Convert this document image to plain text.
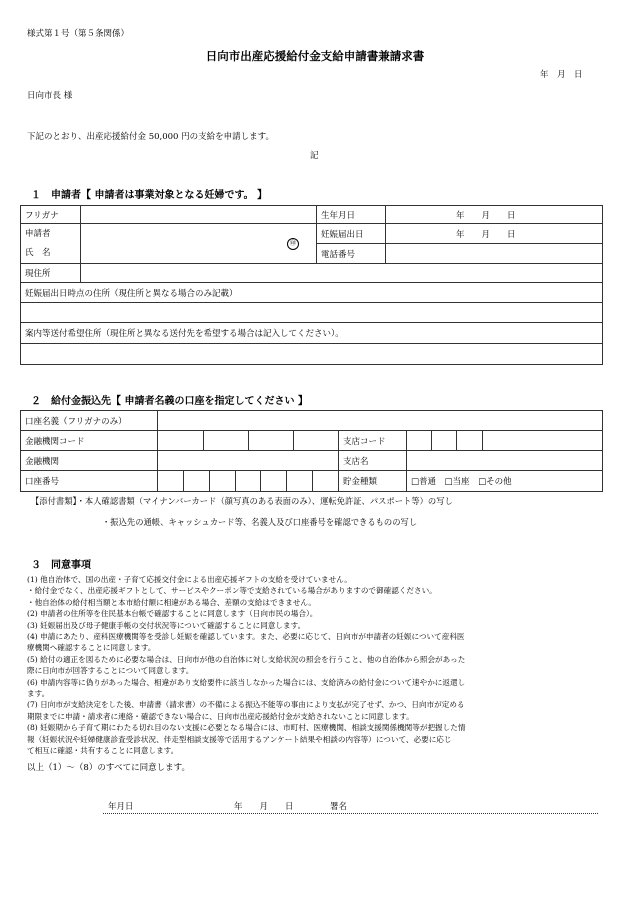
様式第１号（第５条関係）
日向市出産応援給付金支給申請書兼請求書
年　月　日
日向市長 様
下記のとおり、出産応援給付金 50,000 円の支給を申請します。
記
１　申請者【 申請者は事業対象となる妊婦です。 】
フリガナ		生年月日	年　　月　　日
申請者
氏　名	㊞	妊娠届出日	年　　月　　日
		電話番号	
現住所			
妊娠届出日時点の住所（現住所と異なる場合のみ記載）			

案内等送付希望住所（現住所と異なる送付先を希望する場合は記入してください）。			

２　給付金振込先【 申請者名義の口座を指定してください 】
口座名義（フリガナのみ）									
金融機関コード					支店コード				
金融機関					支店名				
口座番号					貯金種類	□普通　□当座　□その他			
【添付書類】・本人確認書類（マイナンバーカード（顔写真のある表面のみ）、運転免許証、パスポート等）の写し
・振込先の通帳、キャッシュカード等、名義人及び口座番号を確認できるものの写し
３　同意事項
(1) 他自治体で、国の出産・子育て応援交付金による出産応援ギフトの支給を受けていません。
・給付金でなく、出産応援ギフトとして、サービスやクーポン等で支給されている場合がありますので御確認ください。
・他自治体の給付相当額と本市給付額に相違がある場合、差額の支給はできません。
(2) 申請者の住所等を住民基本台帳で確認することに同意します（日向市民の場合）。
(3) 妊娠届出及び母子健康手帳の交付状況等について確認することに同意します。
(4) 申請にあたり、産科医療機関等を受診し妊娠を確認しています。また、必要に応じて、日向市が申請者の妊娠について産科医
療機関へ確認することに同意します。
(5) 給付の適正を図るために必要な場合は、日向市が他の自治体に対し支給状況の照会を行うこと、他の自治体から照会があった
際に日向市が回答することについて同意します。
(6) 申請内容等に偽りがあった場合、相違があり支給要件に該当しなかった場合には、支給済みの給付金について速やかに返還し
ます。
(7) 日向市が支給決定をした後、申請書（請求書）の不備による振込不能等の事由により支払が完了せず、かつ、日向市が定める
期限までに申請・請求者に連絡・確認できない場合に、日向市出産応援給付金が支給されないことに同意します。
(8) 妊娠期から子育て期にわたる切れ目のない支援に必要となる場合には、市町村、医療機関、相談支援関係機関等が把握した情
報（妊娠状況や妊婦健康診査受診状況、伴走型相談支援等で活用するアンケート結果や相談の内容等）について、必要に応じ
て相互に確認・共有することに同意します。
以上（1）～（8）のすべてに同意します。
年月日	年　　月　　日	署名
